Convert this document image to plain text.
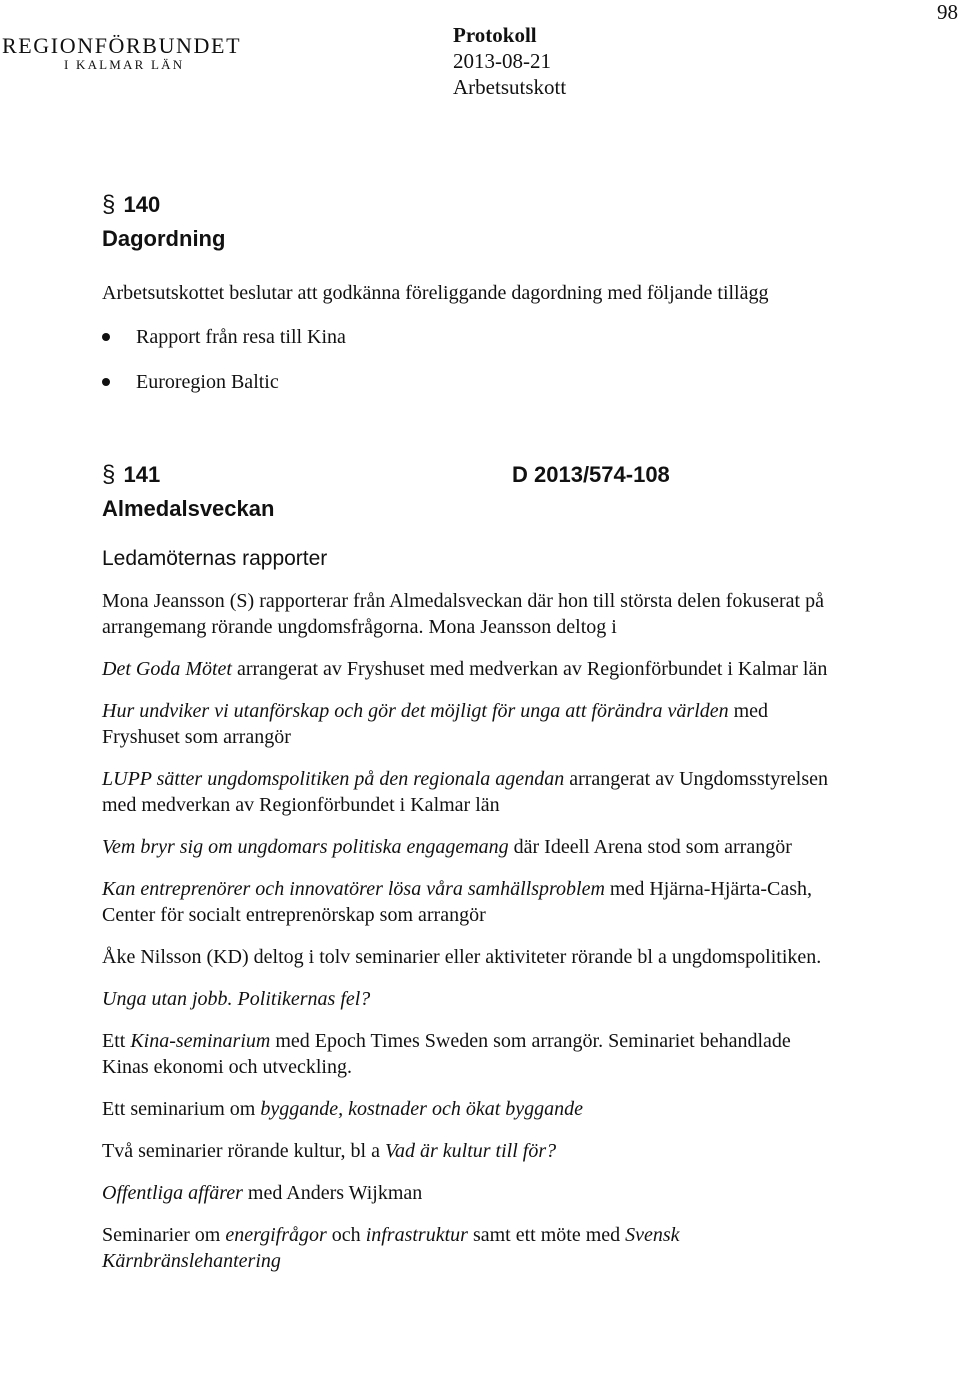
98
REGIONFÖRBUNDET
I KALMAR LÄN
Protokoll
2013-08-21
Arbetsutskott
§ 140
Dagordning

Arbetsutskottet beslutar att godkänna föreliggande dagordning med följande tillägg

Rapport från resa till Kina
Euroregion Baltic
§ 141	D 2013/574-108
Almedalsveckan
Ledamöternas rapporter

Mona Jeansson (S) rapporterar från Almedalsveckan där hon till största delen fokuserat på arrangemang rörande ungdomsfrågorna. Mona Jeansson deltog i

Det Goda Mötet arrangerat av Fryshuset med medverkan av Regionförbundet i Kalmar län

Hur undviker vi utanförskap och gör det möjligt för unga att förändra världen med Fryshuset som arrangör

LUPP sätter ungdomspolitiken på den regionala agendan arrangerat av Ungdomsstyrelsen med medverkan av Regionförbundet i Kalmar län

Vem bryr sig om ungdomars politiska engagemang där Ideell Arena stod som arrangör

Kan entreprenörer och innovatörer lösa våra samhällsproblem med Hjärna-Hjärta-Cash, Center för socialt entreprenörskap som arrangör

Åke Nilsson (KD) deltog i tolv seminarier eller aktiviteter rörande bl a ungdomspolitiken.

Unga utan jobb. Politikernas fel?

Ett Kina-seminarium med Epoch Times Sweden som arrangör. Seminariet behandlade Kinas ekonomi och utveckling.

Ett seminarium om byggande, kostnader och ökat byggande

Två seminarier rörande kultur, bl a Vad är kultur till för?

Offentliga affärer med Anders Wijkman

Seminarier om energifrågor och infrastruktur samt ett möte med Svensk Kärnbränslehantering
